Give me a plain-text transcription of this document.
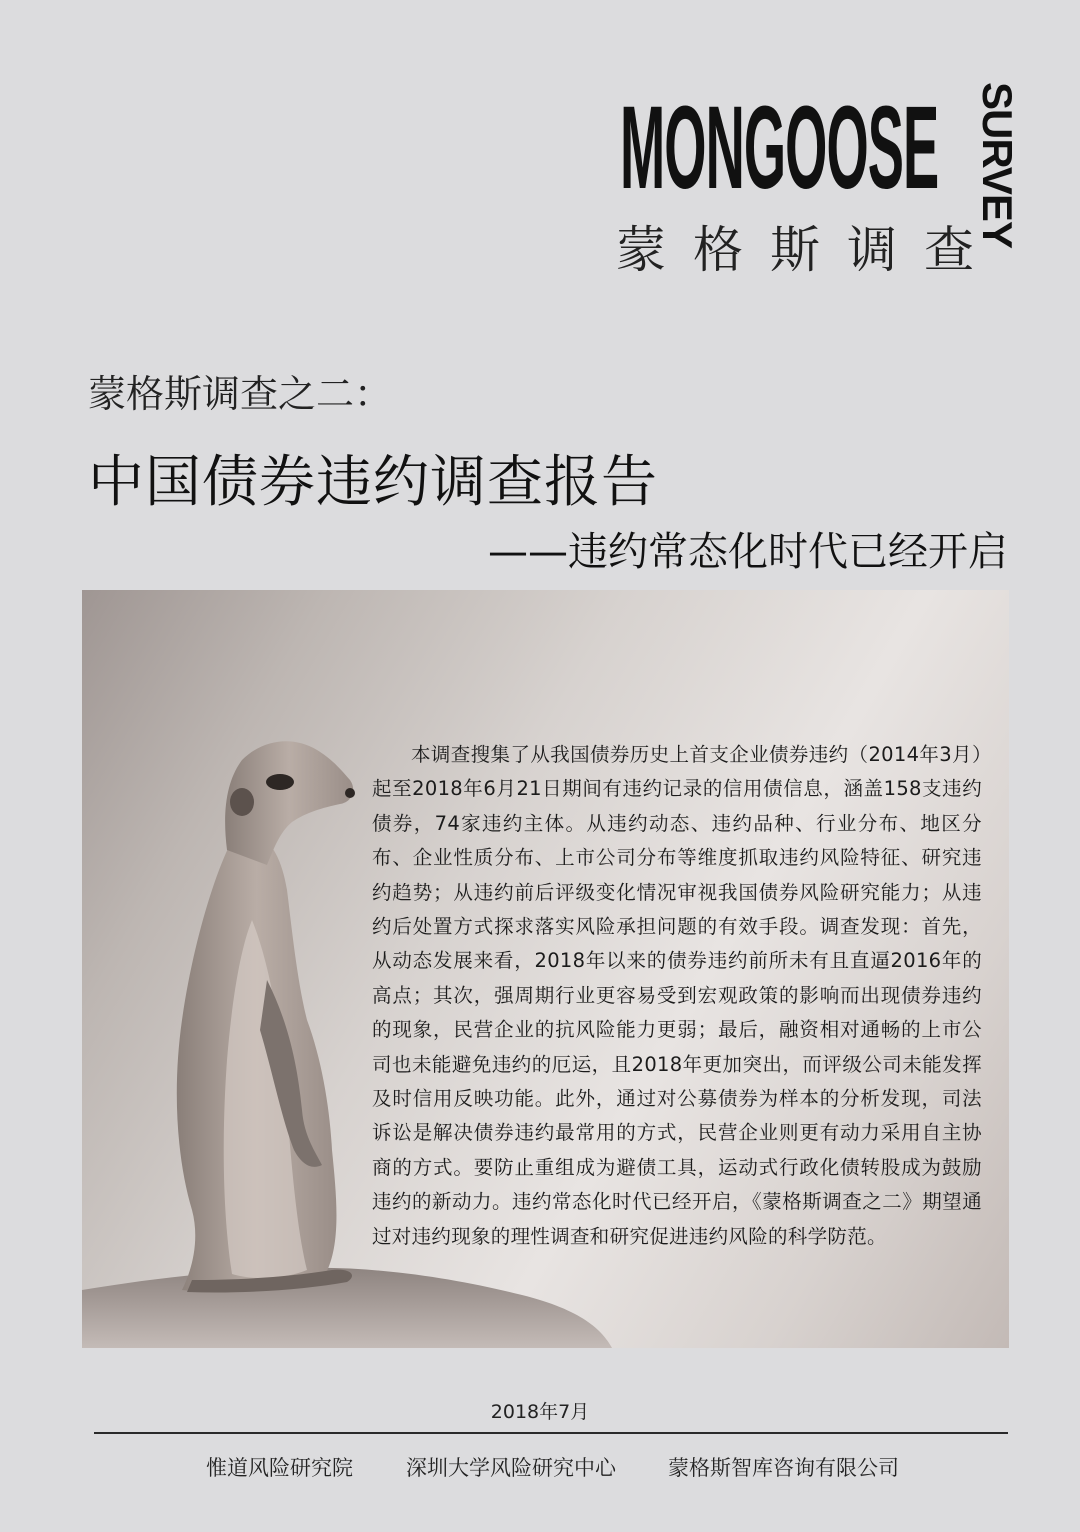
MONGOOSE SURVEY
蒙格斯调查
蒙格斯调查之二：
中国债券违约调查报告
——违约常态化时代已经开启
本调查搜集了从我国债券历史上首支企业债券违约（2014年3月）起至2018年6月21日期间有违约记录的信用债信息，涵盖158支违约债券，74家违约主体。从违约动态、违约品种、行业分布、地区分布、企业性质分布、上市公司分布等维度抓取违约风险特征、研究违约趋势；从违约前后评级变化情况审视我国债券风险研究能力；从违约后处置方式探求落实风险承担问题的有效手段。调查发现：首先，从动态发展来看，2018年以来的债券违约前所未有且直逼2016年的高点；其次，强周期行业更容易受到宏观政策的影响而出现债券违约的现象，民营企业的抗风险能力更弱；最后，融资相对通畅的上市公司也未能避免违约的厄运，且2018年更加突出，而评级公司未能发挥及时信用反映功能。此外，通过对公募债券为样本的分析发现，司法诉讼是解决债券违约最常用的方式，民营企业则更有动力采用自主协商的方式。要防止重组成为避债工具，运动式行政化债转股成为鼓励违约的新动力。违约常态化时代已经开启，《蒙格斯调查之二》期望通过对违约现象的理性调查和研究促进违约风险的科学防范。
2018年7月
惟道风险研究院	深圳大学风险研究中心 蒙格斯智库咨询有限公司
